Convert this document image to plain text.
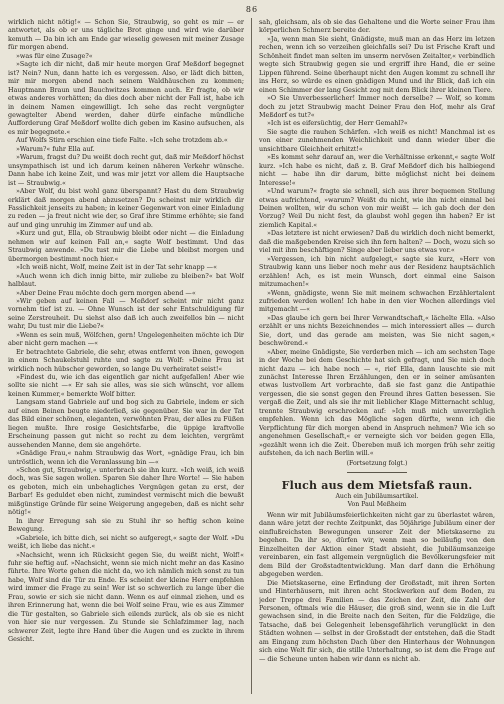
86

wirklich nicht nötig!« — Schon Sie, Straubwig, so geht es mir — er antwortet, als ob er uns tägliche Brot ginge und wird wie darüber kemuth — Da bin ich am Ende gar wieselig gewesen mit meiner Zusage für morgen abend.

»was für eine Zusage?«

»Sagte ich dir nicht, daß mir heute morgen Graf Meßdorf begegnet ist? Nein? Nun, dann hatte ich es vergessen. Also, er lädt dich bitten, mir mir morgen abend nach seinem Waldhäuschen zu kommen; Hauptmann Braun und Bauchwitzes kommen auch. Er fragte, ob wir etwas anderes vorhätten; da dies doch aber nicht der Fall ist, habe ich in deinem Namen eingewilligt. Ich sehe das recht vergnügter gewagtelter Abend werden, daher dürfe einfache mündliche Aufforderung Graf Meßdorf wollte dich geben im Kasino aufsuchen, als es mir begegnete.«

Auf Wolfs Stirn erschien eine tiefe Falte. »Ich sehe trotzdem ab.«

»Warum?« fuhr Ella auf.

»Warum, fragst du? Du weißt doch recht gut, daß mir Meßdorf höchst unsympathisch ist und ich darum keinen näheren Verkehr wünsche. Dann habe ich keine Zeit, und was mir jetzt vor allem die Hauptsache ist — Straubwig.«

»Aber Wolf, du bist wohl ganz überspannt? Hast du dem Straubwig erklärt daß morgen abend abzusetzen? Du scheinst mir wirklich dir Fasslichkeit jenseits zu haben; in keiner Gegenwart von einer Einladung zu reden — ja freut nicht wie der, so Graf ihre Stimme erhöhte; sie fand auf und ging unruhig im Zimmer auf und ab.

»Kurz und gut, Ella, ob Straubwig bleibt oder nicht — die Einladung nehmen wir auf keinen Fall an,« sagte Wolf bestimmt. Und das Straubwig anwende. »Du tust mir die Liebe und bleibst morgen und übermorgen bestimmt noch hier.«

»Ich weiß nicht, Wolf, meine Zeit ist in der Tat sehr knapp —«

»Auch wenn ich dich innig bitte, mir zuliebe zu bleiben?« bat Wolf halblaut.

»Aber Deine Frau möchte doch gern morgen abend —«

»Wir geben auf keinen Fall — Meßdorf scheint mir nicht ganz vornehm tief ist zu. — Ohne Wunsch ist der sehr Entschuldigung für seine Zerstreuheit. Du siehst also daß ich auch zweifellos bin — nicht wahr, Du tust mir die Liebe?«

»Wenn es sein muß, Wölfchen, gern! Ungelegenheiten möchte ich Dir aber nicht gern machen —«

Er betrachtete Gabriele, die sehr, etwas entfernt von ihnen, gewogen in einem Schaukelstuhl ruhte und sagte zu Wolf: »Deine Frau ist wirklich noch hübscher geworden, so lange Du verheiratet seist!«

»Findest du, wie ich das eigentlich gar nicht aufgefallen! Aber wie sollte sie nicht —« Er sah sie alles, was sie sich wünscht, vor allem keinen Kummer,« bemerkte Wolf bitter.

Langsam stand Gabriele auf und bog sich zu Gabriele, indem er sich auf einen Beinen beugte niederließ, sie gegenüber. Sie war in der Tat das Bild einer schönen, eleganten, verwöhnten Frau, der alles zu Füßen liegen mußte. Ihre rosige Gesichtsfarbe, die üppige kraftvolle Erscheinung passen gut nicht so recht zu dem leichten, vergrämt aussehenden Manne, dem sie angehörte.

»Gnädige Frau,« nahm Straubwig das Wort, »gnädige Frau, ich bin untröstlich, wenn ich die Veranlassung bin —«

»Schon gut, Straubwig,« unterbrach sie ihn kurz. »Ich weiß, ich weiß doch, was Sie sagen wollen. Sparen Sie daher Ihre Worte! — Sie haben es geboten, mich ein unbehagliches Vergnügen getan zu erst, der Barbar! Es geduldet eben nicht, zumindest vermischt mich die bewußt mißgünstige Gründe für seine Weigerung angegeben, daß es nicht sehr nötig!«

In ihrer Erregung sah sie zu Stuhl ihr so heftig schon keine Bewegung.

»Gabriele, ich bitte dich, sei nicht so aufgeregt,« sagte der Wolf. »Du weißt, ich liebe das nicht.«

»Nachsicht, wenn ich Rücksicht gegen Sie, du weißt nicht, Wolf!« fuhr sie heftig auf. »Nachsicht, wenn sie mich nicht mehr an das Kasino führte. Ihre Worte gehen die nicht da, wo ich nämlich mich sonst zu tun habe, Wolf sind die Tür zu Ende. Es scheint der kleine Herr empfehlen wird immer die Frage zu sein! Wer ist so schwerlich zu lange über die Frau, sowie er sich sie nicht dann. Wenn es auf einmal ziehen, und es ihren Erinnerung hat, wenn die bei Wolf seine Frau, wie es aus Zimmer die Tür gestalten, so Gabriele sich eilends zurück, als ob sie es nicht von hier sie nur vergessen. Zu Stunde sie Schlafzimmer lag, nach schwerer Zeit, legte ihre Hand über die Augen und es zuckte in ihrem Gesicht.

sah, gleichsam, als ob sie das Gehaltene und die Worte seiner Frau ihm körperlichen Schmerz bereite der.

»Ja, wenn man Sie sieht, Gnädigste, muß man an das Herz im letzen rechen, wenn ich so verzeihen gleichfalls sei? Du ist Frische Kraft und Schönheit findet man selten im unserm nervösen Zeitalter,« verbindlich wegte sich Straubwig gegen sie und ergriff ihre Hand, die er seine Lippen führend. Seine überhaupt nicht den Augen kommt zu schnell ihr ins Herz, so würde es einen gnädigen Mund und ihr Blick, daß ich ein einen Schimmer der lang Gesicht zog mit dem Blick ihrer kleinen Tiere.

»O Sie Unverbesserlicher! Immer noch derselbe? — Wolf, so komm doch zu jetzt Straubwig macht Deiner Frau den Hof, mehr als Graf Meßdorf es tut?«

»Ich ist es eifersüchtig, der Herr Gemahl?«

Sie sagte die rauhen Schärfen. »Ich weiß es nicht! Manchmal ist es von einer zunehmenden Weichlichkeit und dann wieder über die unsichtbare Gleichheit erhitzt!«

»Es kommt sehr darauf an, wer die Verhältnisse erkennt,« sagte Wolf kurz. »Ich habe es nicht, daß z. B. Graf Meßdorf dich bis halbiegend nicht — habe ihn dir darum, bitte möglichst nicht bei deinem Interesse!«

»Und warum?« fragte sie schnell, sich aus ihrer bequemen Stellung etwas aufrichtend, »warum? Weißt du nicht, wie ihn nicht einmal bei Deinen wollten, wir du schon von mir weißt — ich gab doch der den Vorzug? Weil Du nicht fest, da glaubst wohl gegen ihn haben? Er ist ziemlich Kapital.«

»Das letztere ist nicht erwiesen? Daß du wirklich doch nicht bemerkt, daß die maßgebenden Kreise sich ihn fern halten? — Doch, wozu sich so viel mit ihm beschäftigen? Singe aber lieber uns etwas vor.«

»Vergessen, ich bin nicht aufgelegt,« sagte sie kurz, »Herr von Straubwig kann uns lieber noch mehr aus der Residenz hauptsächlich erzählen! Ach, es ist mein Wunsch, dort einmal eine Saison mitzumachen!«

»Wenn, gnädigste, wenn Sie mit meinem schwachen Erzählertalent zufrieden werden wollen! Ich habe in den vier Wochen allerdings viel mitgemacht —«

»Das glaube ich gern bei Ihrer Verwandtschaft,« lächelte Ella. »Also erzählt er uns nichts Bezeichnendes — mich interessiert alles — durch Sie, dort, und das gerade am meisten, was Sie nicht sagen,« beschwörend.«

»Aber, meine Gnädigste, Sie verderben mich — ich am sechsten Tage in der Woche bei dem Geschichte hat sich gefragt, und Sie mich doch nicht dazu — ich habe noch — «, rief Ella, dann lauschte sie mit zunächst Interesse Ihren Erzählungen, den er in seiner amüsanten etwas lustvollem Art vorbrachte, daß sie fast ganz die Antipathie vergessen, die sie sonst gegen den Freund ihres Gatten besessen. Sie vergaß die Zeit, und als sie ihr mit lieblicher Klage Mitternacht schlug, trennte Straubwig erschrocken auf: »Ich muß mich unverzüglich empfehlen. Wenn ich das Mögliche sagen dürfte, wenn ich die Verpflichtung für dich morgen abend in Anspruch nehmen? Wie ich so angenehmen Gesellschaft,« er verneigte sich vor beiden gegen Ella, »gezählt wenn ich die Zeit. Übereben muß ich morgen früh sehr zeitig aufstehen, da ich nach Berlin will.«

(Fortsetzung folgt.)
Fluch aus dem Mietsfaß raun.
Auch ein Jubiläumsartikel.
Von Paul Meßheim

Wenn wir mit Jubiläumsfeierlichkeiten nicht gar zu überlastet wären, dann wäre jetzt der rechte Zeitpunkt, das 50jährige Jubiläum einer der einflußreichsten Bewegungen unserer Zeit der Mietskaserne zu begehen. Da ihr so, dürfen wir, wenn man so beiläufig von den Einzelheiten der Aktion einer Stadt absieht, die Jubiläumsanzeige vereinbaren, ein fast allgemein vergnüglich die Bevölkerungsfeier mit dem Bild der Großstadtentwicklung. Man darf dann die Erhöhung abgegeben werden.

Die Mietskaserne, eine Erfindung der Großstadt, mit ihren Sorten und Hinterhäusern, mit ihren acht Stockwerken auf dem Boden, zu jeder Treppe drei Familien — das Zeichen der Zeit, die Zahl der Personen, oftmals wie die Häuser, die groß sind, wenn sie in die Luft gewachsen sind, in die Breite nach den Seiten, für die Feldzüge, die Tatsache, daß bei Gelegenheit lebensgefährlich verunglückt in den Städten wohnen — selbst in der Großstadt der entstehen, daß die Stadt am Eingang zum höchsten Dach über den Hinterhaus der Wohnungen sich eine Welt für sich, die stille Unterhaltung, so ist dem die Frage auf — die Scheune unten haben wir dann es nicht ab.
